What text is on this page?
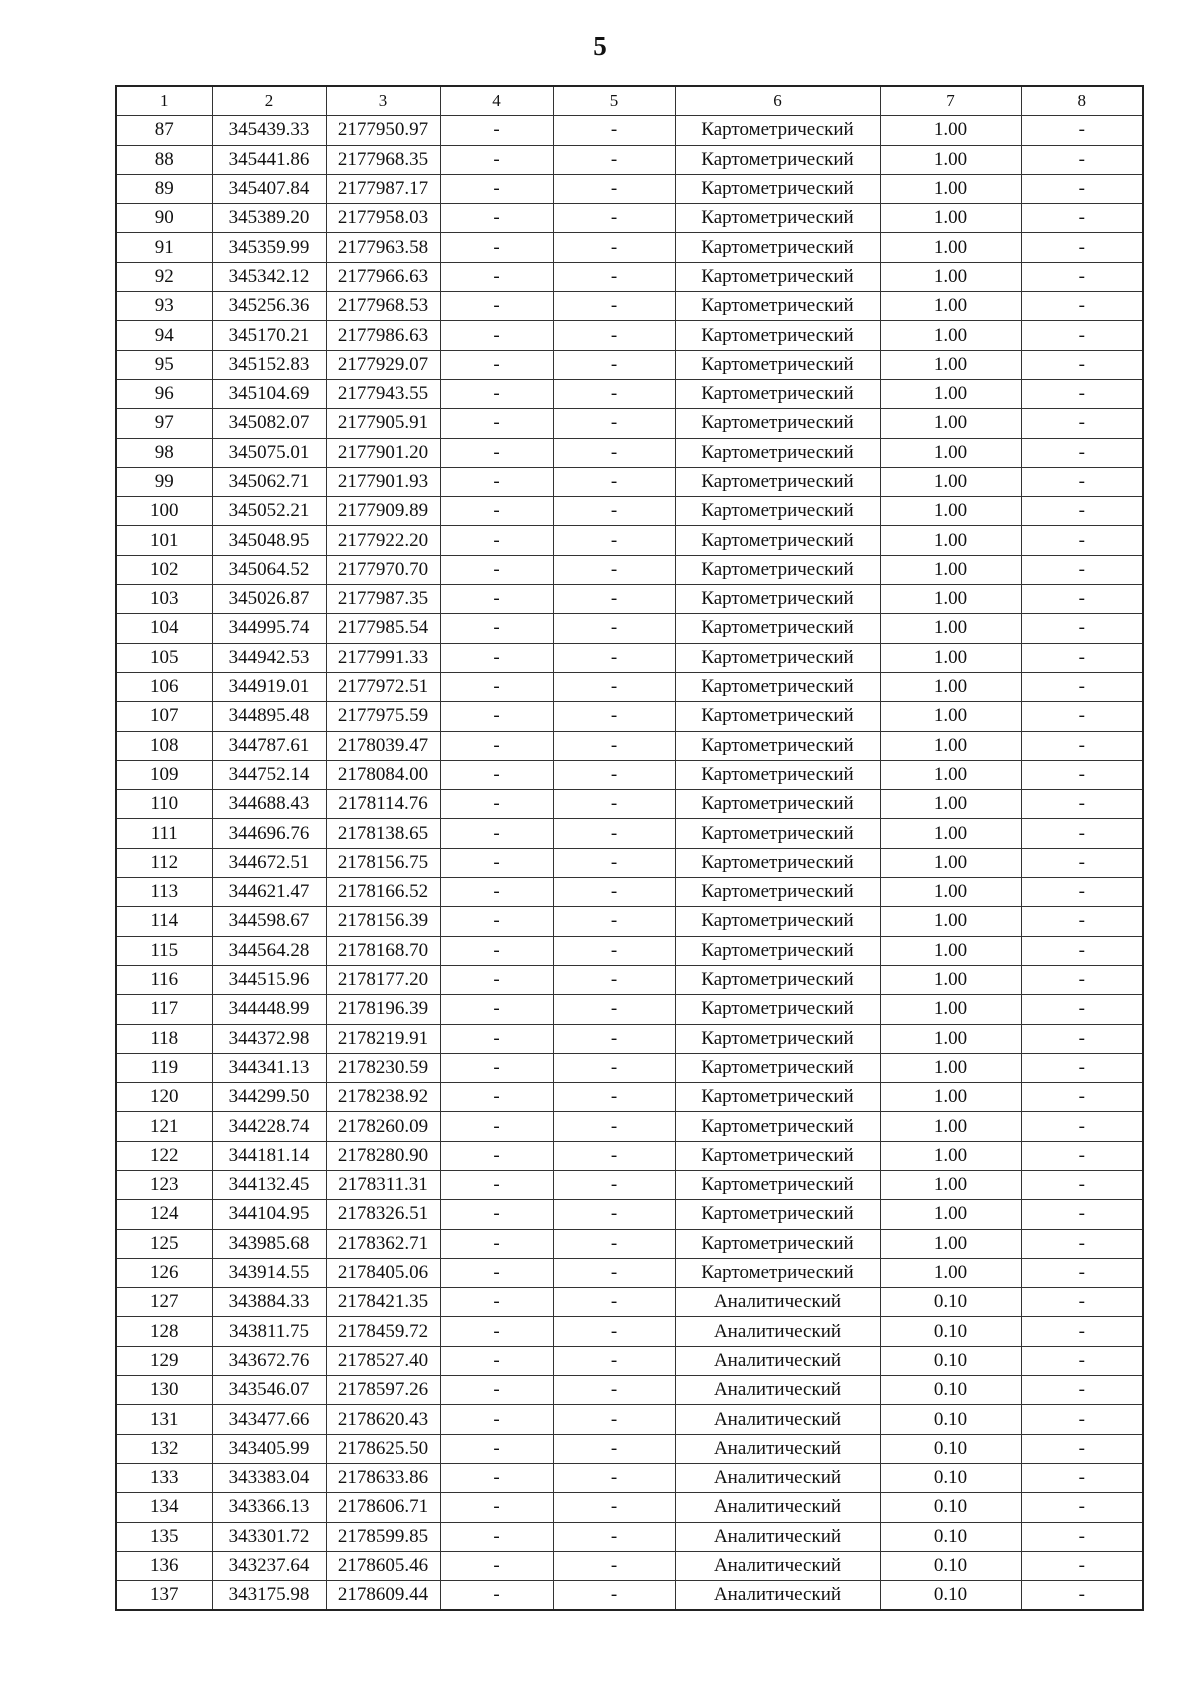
5
1	2	3	4	5	6	7	8
87	345439.33	2177950.97	-	-	Картометрический	1.00	-
88	345441.86	2177968.35	-	-	Картометрический	1.00	-
89	345407.84	2177987.17	-	-	Картометрический	1.00	-
90	345389.20	2177958.03	-	-	Картометрический	1.00	-
91	345359.99	2177963.58	-	-	Картометрический	1.00	-
92	345342.12	2177966.63	-	-	Картометрический	1.00	-
93	345256.36	2177968.53	-	-	Картометрический	1.00	-
94	345170.21	2177986.63	-	-	Картометрический	1.00	-
95	345152.83	2177929.07	-	-	Картометрический	1.00	-
96	345104.69	2177943.55	-	-	Картометрический	1.00	-
97	345082.07	2177905.91	-	-	Картометрический	1.00	-
98	345075.01	2177901.20	-	-	Картометрический	1.00	-
99	345062.71	2177901.93	-	-	Картометрический	1.00	-
100	345052.21	2177909.89	-	-	Картометрический	1.00	-
101	345048.95	2177922.20	-	-	Картометрический	1.00	-
102	345064.52	2177970.70	-	-	Картометрический	1.00	-
103	345026.87	2177987.35	-	-	Картометрический	1.00	-
104	344995.74	2177985.54	-	-	Картометрический	1.00	-
105	344942.53	2177991.33	-	-	Картометрический	1.00	-
106	344919.01	2177972.51	-	-	Картометрический	1.00	-
107	344895.48	2177975.59	-	-	Картометрический	1.00	-
108	344787.61	2178039.47	-	-	Картометрический	1.00	-
109	344752.14	2178084.00	-	-	Картометрический	1.00	-
110	344688.43	2178114.76	-	-	Картометрический	1.00	-
111	344696.76	2178138.65	-	-	Картометрический	1.00	-
112	344672.51	2178156.75	-	-	Картометрический	1.00	-
113	344621.47	2178166.52	-	-	Картометрический	1.00	-
114	344598.67	2178156.39	-	-	Картометрический	1.00	-
115	344564.28	2178168.70	-	-	Картометрический	1.00	-
116	344515.96	2178177.20	-	-	Картометрический	1.00	-
117	344448.99	2178196.39	-	-	Картометрический	1.00	-
118	344372.98	2178219.91	-	-	Картометрический	1.00	-
119	344341.13	2178230.59	-	-	Картометрический	1.00	-
120	344299.50	2178238.92	-	-	Картометрический	1.00	-
121	344228.74	2178260.09	-	-	Картометрический	1.00	-
122	344181.14	2178280.90	-	-	Картометрический	1.00	-
123	344132.45	2178311.31	-	-	Картометрический	1.00	-
124	344104.95	2178326.51	-	-	Картометрический	1.00	-
125	343985.68	2178362.71	-	-	Картометрический	1.00	-
126	343914.55	2178405.06	-	-	Картометрический	1.00	-
127	343884.33	2178421.35	-	-	Аналитический	0.10	-
128	343811.75	2178459.72	-	-	Аналитический	0.10	-
129	343672.76	2178527.40	-	-	Аналитический	0.10	-
130	343546.07	2178597.26	-	-	Аналитический	0.10	-
131	343477.66	2178620.43	-	-	Аналитический	0.10	-
132	343405.99	2178625.50	-	-	Аналитический	0.10	-
133	343383.04	2178633.86	-	-	Аналитический	0.10	-
134	343366.13	2178606.71	-	-	Аналитический	0.10	-
135	343301.72	2178599.85	-	-	Аналитический	0.10	-
136	343237.64	2178605.46	-	-	Аналитический	0.10	-
137	343175.98	2178609.44	-	-	Аналитический	0.10	-
